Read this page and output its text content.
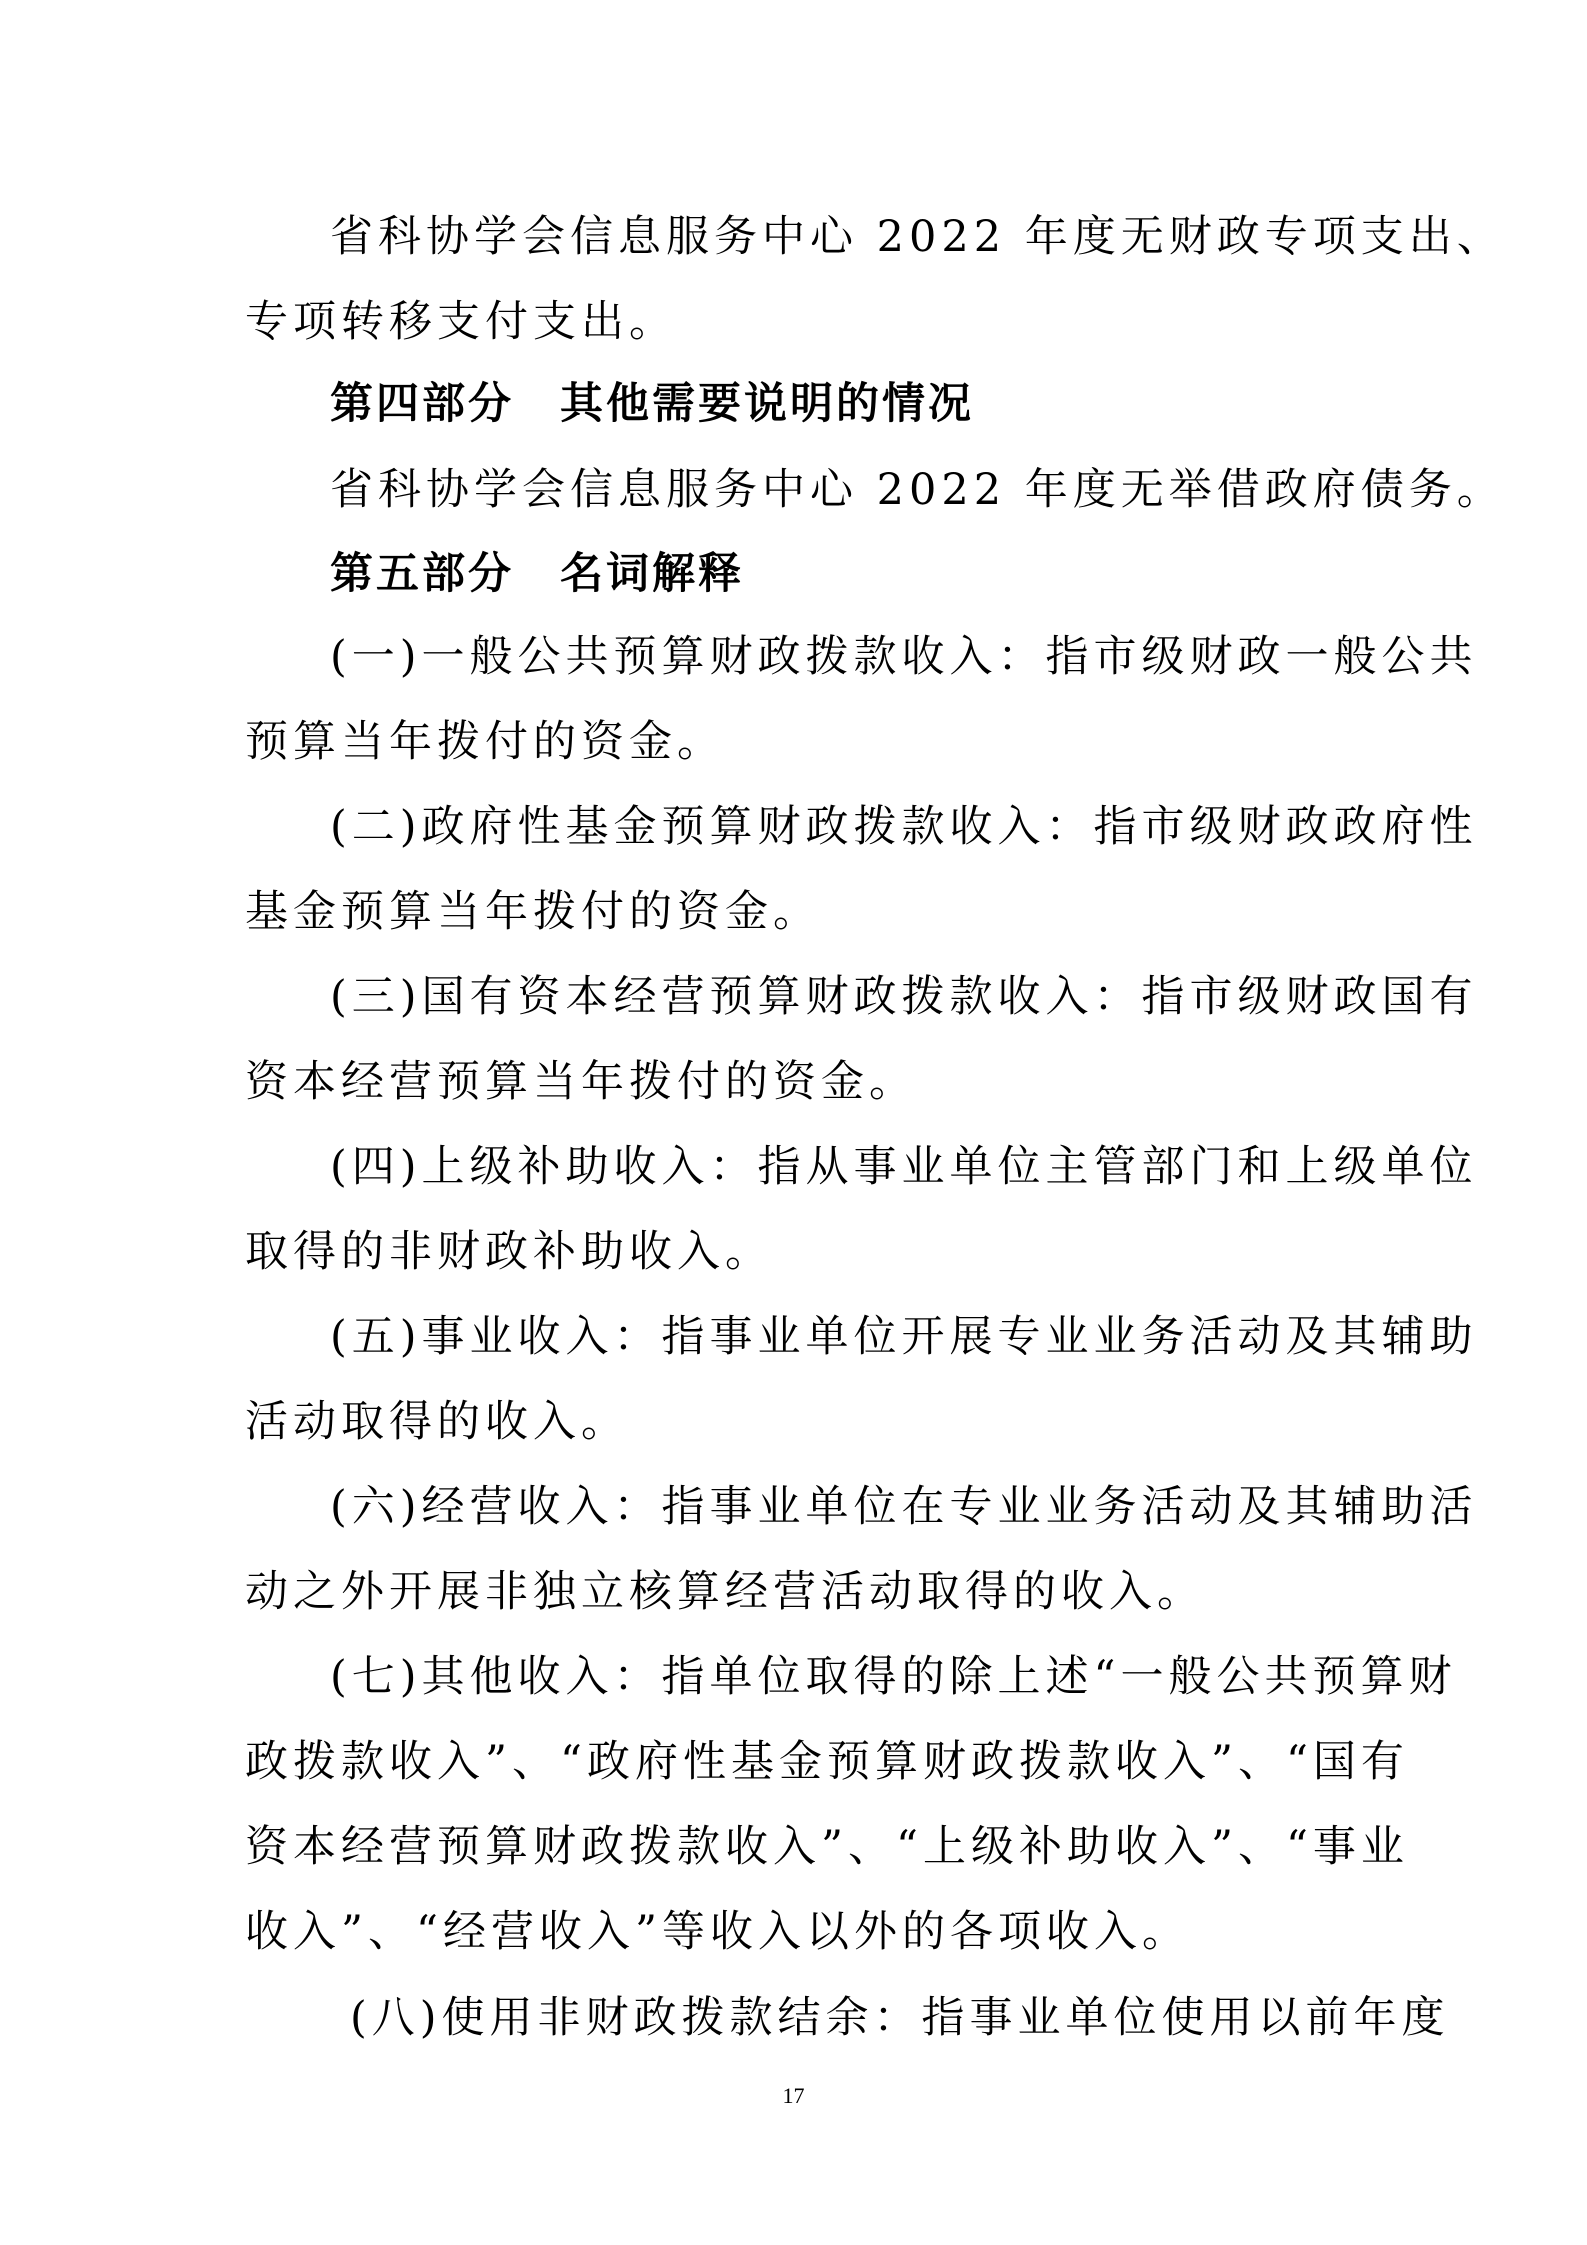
省科协学会信息服务中心 2022 年度无财政专项支出、
专项转移支付支出。
第四部分　其他需要说明的情况
省科协学会信息服务中心 2022 年度无举借政府债务。
第五部分　名词解释
(一)一般公共预算财政拨款收入：指市级财政一般公共
预算当年拨付的资金。
(二)政府性基金预算财政拨款收入：指市级财政政府性
基金预算当年拨付的资金。
(三)国有资本经营预算财政拨款收入：指市级财政国有
资本经营预算当年拨付的资金。
(四)上级补助收入：指从事业单位主管部门和上级单位
取得的非财政补助收入。
(五)事业收入：指事业单位开展专业业务活动及其辅助
活动取得的收入。
(六)经营收入：指事业单位在专业业务活动及其辅助活
动之外开展非独立核算经营活动取得的收入。
(七)其他收入：指单位取得的除上述“一般公共预算财
政拨款收入”、“政府性基金预算财政拨款收入”、“国有
资本经营预算财政拨款收入”、“上级补助收入”、“事业
收入”、“经营收入”等收入以外的各项收入。
(八)使用非财政拨款结余：指事业单位使用以前年度
17
